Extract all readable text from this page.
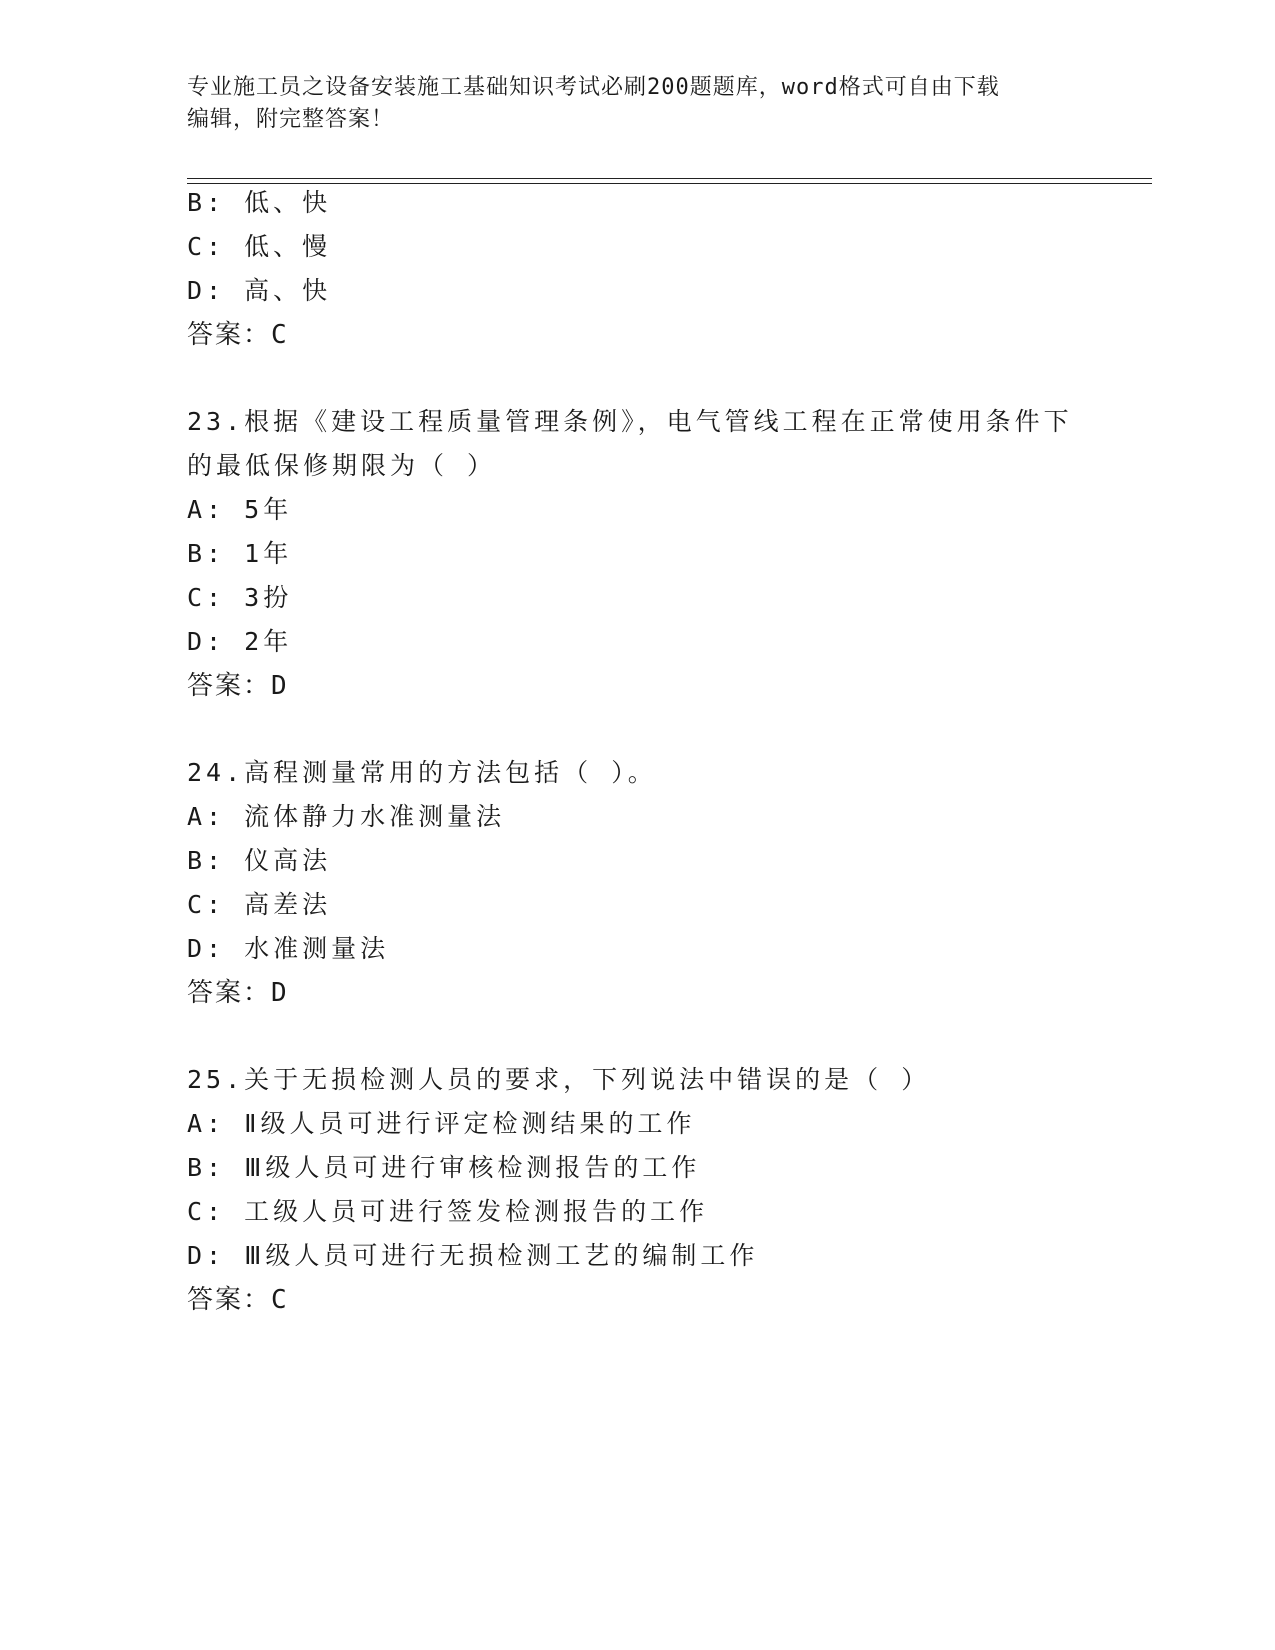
专业施工员之设备安装施工基础知识考试必刷200题题库，word格式可自由下载
编辑，附完整答案！
B: 低、快
C: 低、慢
D: 高、快
答案：C
23.根据《建设工程质量管理条例》，电气管线工程在正常使用条件下
的最低保修期限为（ ）
A: 5年
B: 1年
C: 3扮
D: 2年
答案：D
24.高程测量常用的方法包括（ ）。
A: 流体静力水准测量法
B: 仪高法
C: 高差法
D: 水准测量法
答案：D
25.关于无损检测人员的要求，下列说法中错误的是（ ）
A: Ⅱ级人员可进行评定检测结果的工作
B: Ⅲ级人员可进行审核检测报告的工作
C: 工级人员可进行签发检测报告的工作
D: Ⅲ级人员可进行无损检测工艺的编制工作
答案：C
